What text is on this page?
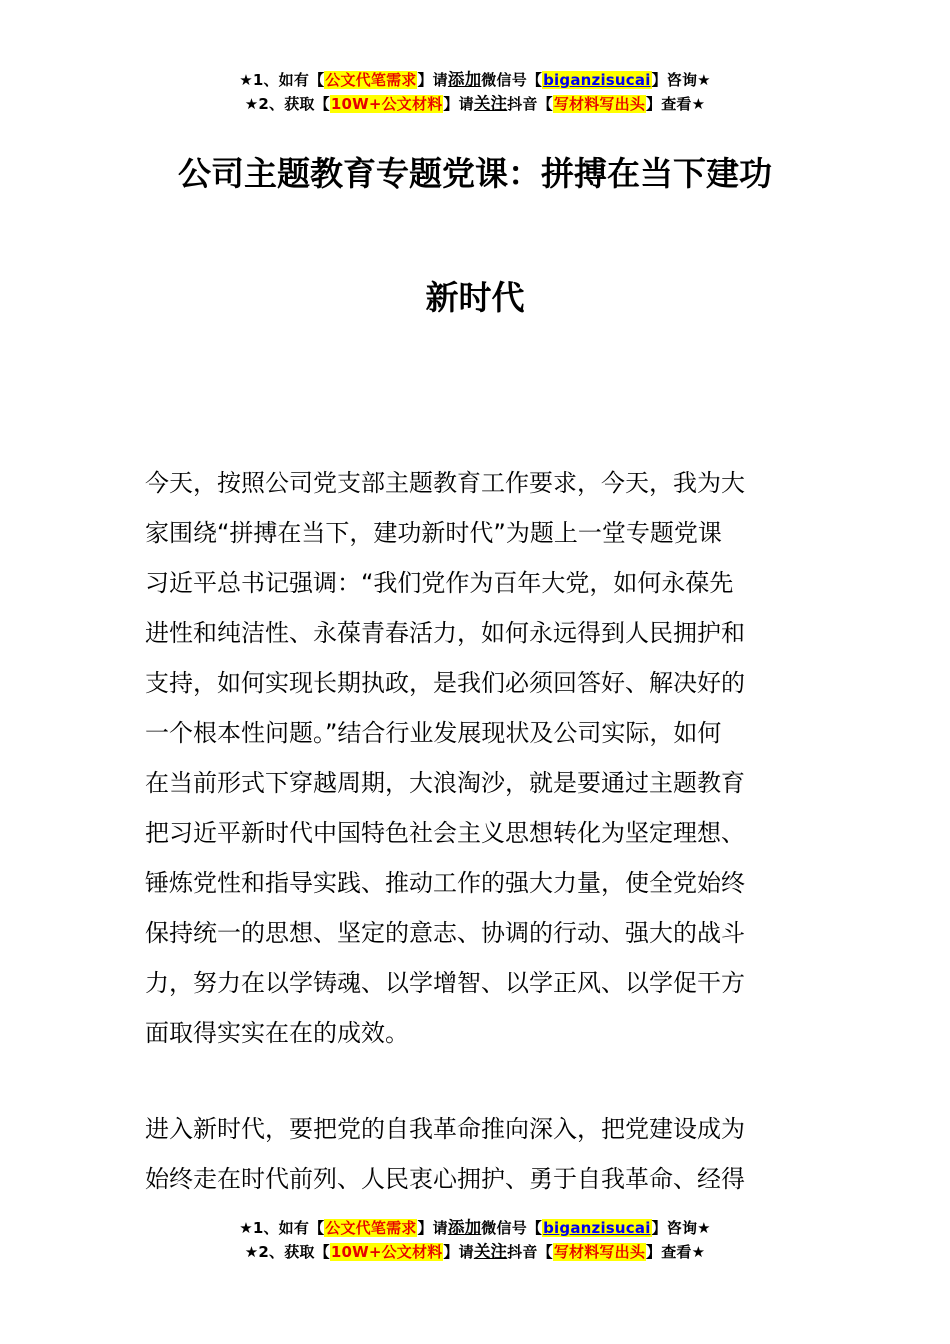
★1、如有【公文代笔需求】请添加微信号【biganzisucai】咨询★
★2、获取【10W+公文材料】请关注抖音【写材料写出头】查看★
公司主题教育专题党课：拼搏在当下建功
新时代
今天，按照公司党支部主题教育工作要求，今天，我为大
家围绕“拼搏在当下，建功新时代”为题上一堂专题党课
习近平总书记强调：“我们党作为百年大党，如何永葆先
进性和纯洁性、永葆青春活力，如何永远得到人民拥护和
支持，如何实现长期执政，是我们必须回答好、解决好的
一个根本性问题。”结合行业发展现状及公司实际，如何
在当前形式下穿越周期，大浪淘沙，就是要通过主题教育
把习近平新时代中国特色社会主义思想转化为坚定理想、
锤炼党性和指导实践、推动工作的强大力量，使全党始终
保持统一的思想、坚定的意志、协调的行动、强大的战斗
力，努力在以学铸魂、以学增智、以学正风、以学促干方
面取得实实在在的成效。
进入新时代，要把党的自我革命推向深入，把党建设成为
始终走在时代前列、人民衷心拥护、勇于自我革命、经得
★1、如有【公文代笔需求】请添加微信号【biganzisucai】咨询★
★2、获取【10W+公文材料】请关注抖音【写材料写出头】查看★
